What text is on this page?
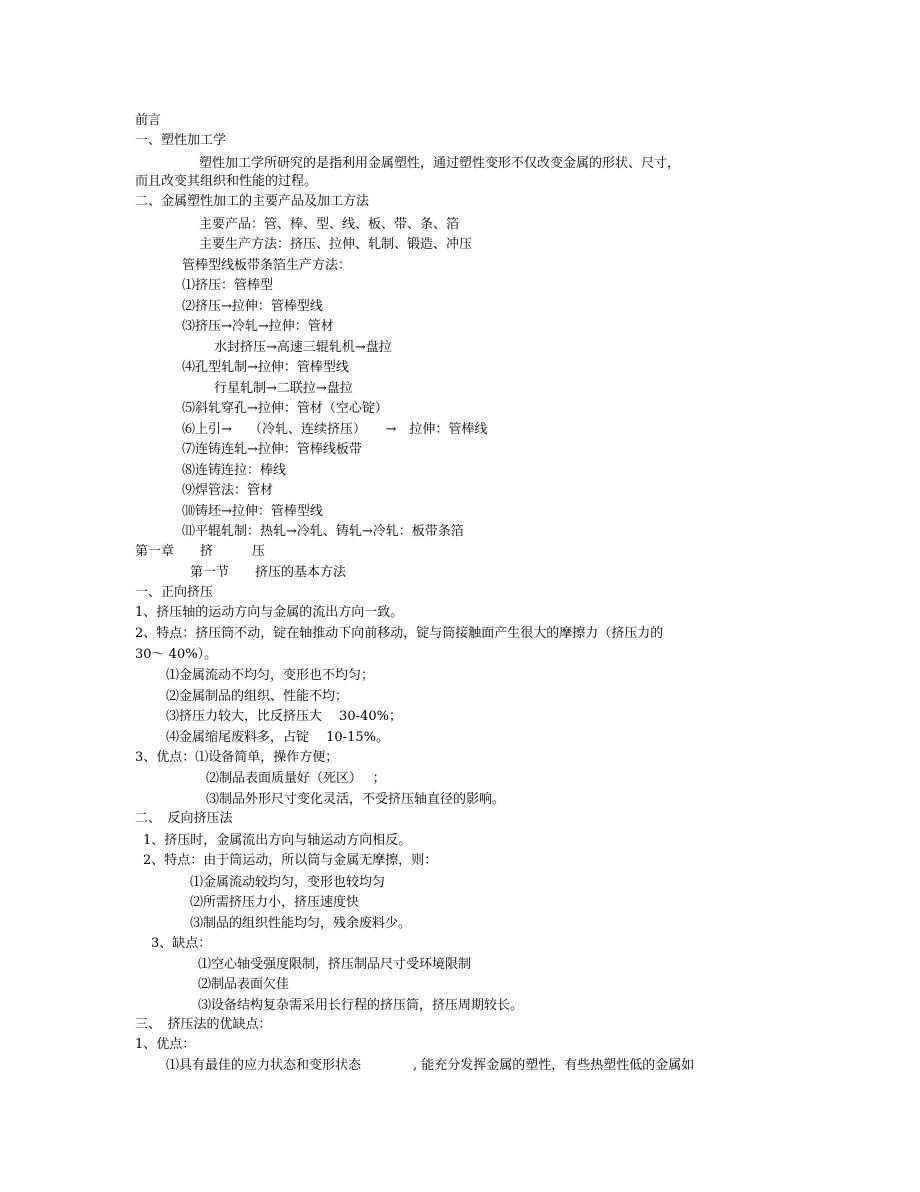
前言
一、塑性加工学
塑性加工学所研究的是指利用金属塑性，通过塑性变形不仅改变金属的形状、尺寸，
而且改变其组织和性能的过程。
二、金属塑性加工的主要产品及加工方法
主要产品：管、棒、型、线、板、带、条、箔
主要生产方法：挤压、拉伸、轧制、锻造、冲压
管棒型线板带条箔生产方法：
⑴挤压：管棒型
⑵挤压→拉伸：管棒型线
⑶挤压→冷轧→拉伸：管材
水封挤压→高速三辊轧机→盘拉
⑷孔型轧制→拉伸：管棒型线
行星轧制→二联拉→盘拉
⑸斜轧穿孔→拉伸：管材（空心锭）
⑹上引→　 （冷轧、连续挤压）　　→　拉伸：管棒线
⑺连铸连轧→拉伸：管棒线板带
⑻连铸连拉：棒线
⑼焊管法：管材
⑽铸坯→拉伸：管棒型线
⑾平辊轧制：热轧→冷轧、铸轧→冷轧：板带条箔
第一章　　挤　　　压
第一节　　挤压的基本方法
一、正向挤压
1、挤压轴的运动方向与金属的流出方向一致。
2、特点：挤压筒不动，锭在轴推动下向前移动，锭与筒接触面产生很大的摩擦力（挤压力的
30～ 40%）。
⑴金属流动不均匀，变形也不均匀；
⑵金属制品的组织、性能不均；
⑶挤压力较大，比反挤压大　 30-40%；
⑷金属缩尾废料多，占锭　 10-15%。
3、优点：⑴设备简单，操作方便；
⑵制品表面质量好（死区）　 ；
⑶制品外形尺寸变化灵活，不受挤压轴直径的影响。
二、　反向挤压法
1、挤压时，金属流出方向与轴运动方向相反。
2、特点：由于筒运动，所以筒与金属无摩擦，则：
⑴金属流动较均匀，变形也较均匀
⑵所需挤压力小，挤压速度快
⑶制品的组织性能均匀，残余废料少。
3、缺点：
⑴空心轴受强度限制，挤压制品尺寸受环境限制
⑵制品表面欠佳
⑶设备结构复杂需采用长行程的挤压筒，挤压周期较长。
三、　挤压法的优缺点：
1、优点：
⑴具有最佳的应力状态和变形状态　　　　, 能充分发挥金属的塑性，有些热塑性低的金属如
